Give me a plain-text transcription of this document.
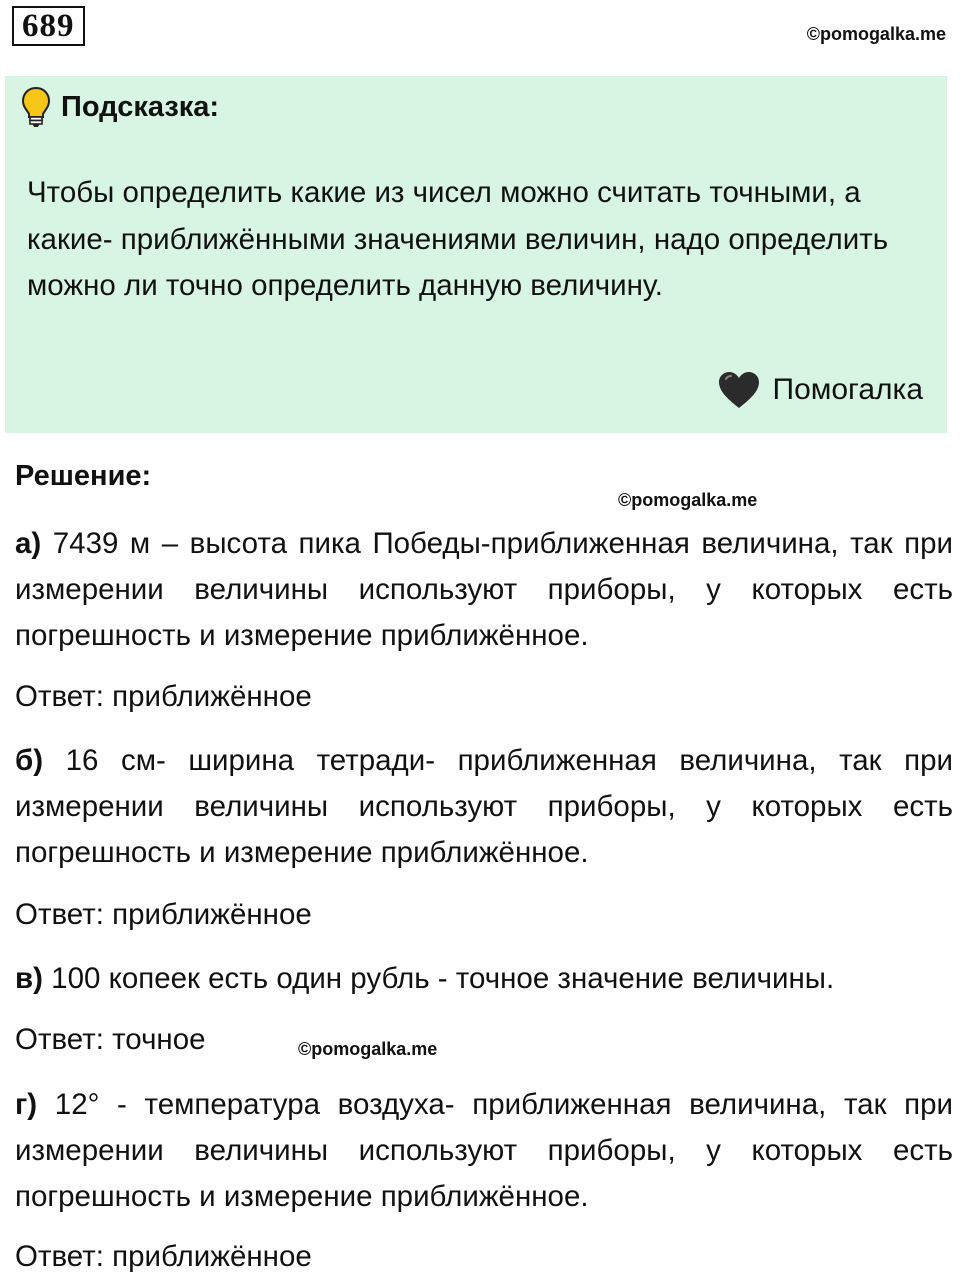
689	©pomogalka.me
Подсказка:
Чтобы определить какие из чисел можно считать точными, а какие- приближёнными значениями величин, надо определить можно ли точно определить данную величину.
Помогалка
Решение:
©pomogalka.me
а) 7439 м – высота пика Победы-приближенная величина, так при измерении величины используют приборы, у которых есть погрешность и измерение приближённое.
Ответ: приближённое
б) 16 см- ширина тетради- приближенная величина, так при измерении величины используют приборы, у которых есть погрешность и измерение приближённое.
Ответ: приближённое
в) 100 копеек есть один рубль - точное значение величины.
Ответ: точное	©pomogalka.me
г) 12° - температура воздуха- приближенная величина, так при измерении величины используют приборы, у которых есть погрешность и измерение приближённое.
Ответ: приближённое
